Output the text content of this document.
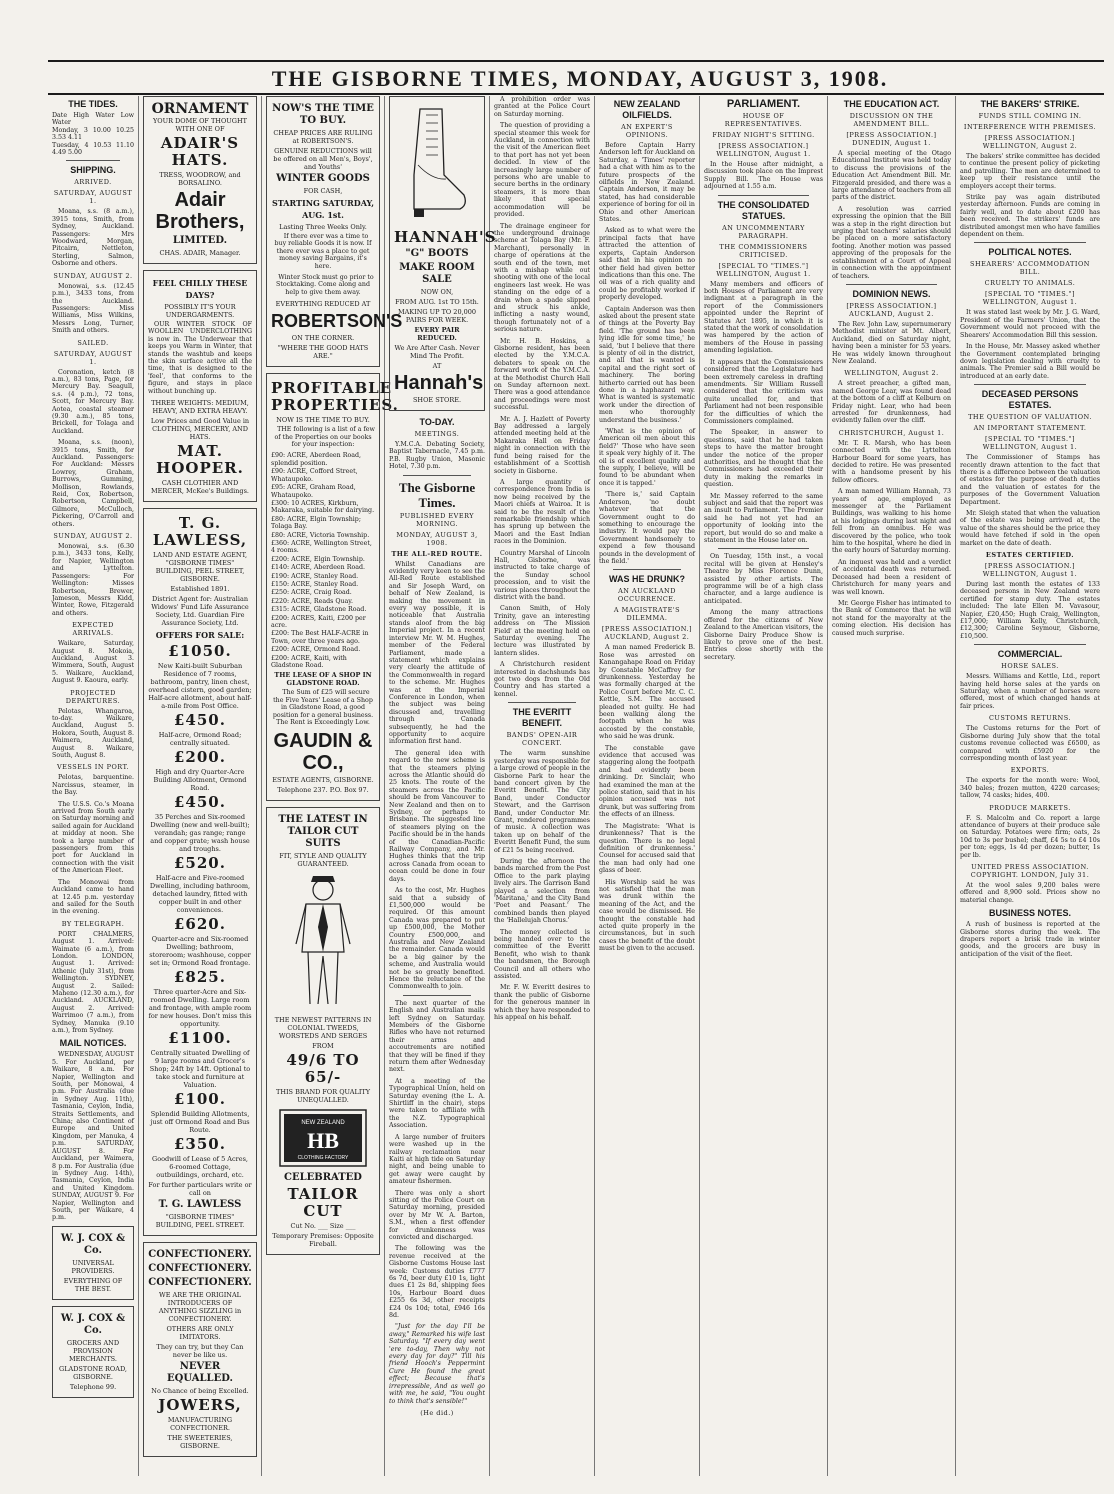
THE GISBORNE TIMES, MONDAY, AUGUST 3, 1908.
THE TIDES.
Date High Water Low Water
Monday, 3 10.00 10.25 3.53 4.11
Tuesday, 4 10.53 11.10 4.49 5.00
SHIPPING.
ARRIVED.
SATURDAY, AUGUST 1.

Moana, s.s. (8 a.m.), 3915 tons, Smith, from Sydney, Auckland. Passengers: Mrs Woodward, Morgan, Pitcairn, Nettleton, Sterling, Salmon, Osborne and others.

SUNDAY, AUGUST 2.

Monowai, s.s. (12.45 p.m.), 3433 tons, from the Auckland. Passengers: Miss Williams, Miss Wilkins, Messrs Long, Turner, Smith and others.

SAILED.
SATURDAY, AUGUST 1.

Coronation, ketch (8 a.m.), 83 tons, Page, for Mercury Bay. Seagull, s.s. (4 p.m.), 72 tons, Scott, for Mercury Bay. Aotea, coastal steamer (9.30 a.m.), 85 tons, Brickell, for Tolaga and Auckland.

Moana, s.s. (noon), 3915 tons, Smith, for Auckland. Passengers: For Auckland: Messrs Lowrey, Graham, Burrows, Gumming, Mollison, Rowlands, Reid, Cox, Robertson, Robertson, Campbell, Gilmore, McCulloch, Pickering, O'Carroll and others.

SUNDAY, AUGUST 2.

Monowai, s.s. (6.30 p.m.), 3433 tons, Kelly, for Napier, Wellington and Lyttelton. Passengers: For Wellington: Misses Robertson, Brewer, Jameson, Messrs Kidd, Winter, Rowe, Fitzgerald and others.

EXPECTED ARRIVALS.

Waikare, Saturday, August 8. Mokoia, Auckland, August 3. Wimmera, South, August 5. Waikare, Auckland, August 9. Kaoura, early.

PROJECTED DEPARTURES.

Pelotas, Whangaroa, to-day. Waikare, Auckland, August 5. Hokora, South, August 8. Waimera, Auckland, August 8. Waikare, South, August 8.

VESSELS IN PORT.

Pelotas, barquentine. Narcissus, steamer, in the Bay.

The U.S.S. Co.'s Moana arrived from South early on Saturday morning and sailed again for Auckland at midday at noon. She took a large number of passengers from this port for Auckland in connection with the visit of the American Fleet.

The Monowai from Auckland came to hand at 12.45 p.m. yesterday and sailed for the South in the evening.

BY TELEGRAPH.

PORT CHALMERS, August 1. Arrived: Waimate (6 a.m.), from London. LONDON, August 1. Arrived: Athenic (July 31st), from Wellington. SYDNEY, August 2. Sailed: Maheno (12.30 a.m.), for Auckland. AUCKLAND, August 2. Arrived: Warrimoo (7 a.m.), from Sydney, Manuka (9.10 a.m.), from Sydney.

MAIL NOTICES.

WEDNESDAY, AUGUST 5. For Auckland, per Waikare, 8 a.m. For Napier, Wellington and South, per Monowai, 4 p.m. For Australia (due in Sydney Aug. 11th), Tasmania, Ceylon, India, Straits Settlements, and China; also Continent of Europe and United Kingdom, per Manuka, 4 p.m. SATURDAY, AUGUST 8. For Auckland, per Waimera, 8 p.m. For Australia (due in Sydney Aug. 14th), Tasmania, Ceylon, India and United Kingdom. SUNDAY, AUGUST 9. For Napier, Wellington and South, per Waikare, 4 p.m.

W. J. COX & Co.
UNIVERSAL PROVIDERS.
EVERYTHING OF THE BEST.
W. J. COX & Co.
GROCERS AND PROVISION MERCHANTS.
GLADSTONE ROAD, GISBORNE.
Telephone 99.
ORNAMENT
YOUR DOME OF THOUGHT WITH ONE OF
ADAIR'S HATS.
TRESS, WOODROW, and BORSALINO.
Adair Brothers,
LIMITED.
CHAS. ADAIR, Manager.
FEEL CHILLY THESE DAYS?
POSSIBLY IT'S YOUR UNDERGARMENTS.

OUR WINTER STOCK OF WOOLLEN UNDERCLOTHING is now in. The Underwear that keeps you Warm in Winter, that stands the washtub and keeps the skin surface active all the time, that is designed to the 'feel', that conforms to the figure, and stays in place without bunching up.

THREE WEIGHTS: MEDIUM, HEAVY, AND EXTRA HEAVY.
Low Prices and Good Value in CLOTHING, MERCERY, AND HATS.
MAT. HOOPER.
CASH CLOTHIER AND MERCER, McKee's Buildings.
T. G. LAWLESS,
LAND AND ESTATE AGENT, "GISBORNE TIMES" BUILDING, PEEL STREET, GISBORNE.
Established 1891.
District Agent for: Australian Widows' Fund Life Assurance Society, Ltd. Guardian Fire Assurance Society, Ltd.
OFFERS FOR SALE:
£1050.
New Kaiti-built Suburban Residence of 7 rooms, bathroom, pantry, linen chest, overhead cistern, good garden; Half-acre allotment, about half-a-mile from Post Office.
£450.
Half-acre, Ormond Road; centrally situated.
£200.
High and dry Quarter-Acre Building Allotment, Ormond Road.
£450.
35 Perches and Six-roomed Dwelling (new and well-built); verandah; gas range; range and copper grate; wash house and troughs.
£520.
Half-acre and Five-roomed Dwelling, including bathroom, detached laundry, fitted with copper built in and other conveniences.
£620.
Quarter-acre and Six-roomed Dwelling; bathroom, storeroom; washhouse, copper set in; Ormond Road frontage.
£825.
Three quarter-Acre and Six-roomed Dwelling. Large room and frontage, with ample room for new houses. Don't miss this opportunity.
£1100.
Centrally situated Dwelling of 9 large rooms and Grocer's Shop; 24ft by 14ft. Optional to take stock and furniture at Valuation.
£100.
Splendid Building Allotments, just off Ormond Road and Bus Route.
£350.
Goodwill of Lease of 5 Acres, 6-roomed Cottage, outbuildings, orchard, etc.
For further particulars write or call on
T. G. LAWLESS
"GISBORNE TIMES" BUILDING, PEEL STREET.
CONFECTIONERY.
CONFECTIONERY.
CONFECTIONERY.
WE ARE THE ORIGINAL INTRODUCERS OF ANYTHING SIZZLING in CONFECTIONERY.
OTHERS ARE ONLY IMITATORS.
They can try, but they Can never be like us.
NEVER EQUALLED.
No Chance of being Excelled.
JOWERS,
MANUFACTURING CONFECTIONER.
THE SWEETERIES, GISBORNE.
NOW'S THE TIME TO BUY.
CHEAP PRICES ARE RULING at ROBERTSON'S.
GENUINE REDUCTIONS will be offered on all Men's, Boys', and Youths'
WINTER GOODS
FOR CASH,
STARTING SATURDAY, AUG. 1st.
Lasting Three Weeks Only.

If there ever was a time to buy reliable Goods it is now. If there ever was a place to get money saving Bargains, it's here.

Winter Stock must go prior to Stocktaking. Come along and help to give them away.

EVERYTHING REDUCED AT
ROBERTSON'S
ON THE CORNER.
"WHERE THE GOOD HATS ARE."
PROFITABLE PROPERTIES.
NOW IS THE TIME TO BUY.

THE following is a list of a few of the Properties on our books for your inspection:

£90: ACRE, Aberdeen Road, splendid position.
£90: ACRE, Cofford Street, Whataupoko.
£95: ACRE, Graham Road, Whataupoko.
£300: 10 ACRES, Kirkburn, Makaraka, suitable for dairying.
£80: ACRE, Elgin Township; Tolaga Bay.
£80: ACRE, Victoria Township.
£360: ACRE, Wellington Street, 4 rooms.
£200: ACRE, Elgin Township.
£140: ACRE, Aberdeen Road.
£190: ACRE, Stanley Road.
£150: ACRE, Stanley Road.
£250: ACRE, Craig Road.
£220: ACRE, Reads Quay.
£315: ACRE, Gladstone Road.
£200: ACRES, Kaiti, £200 per acre.
£200: The Best HALF-ACRE in Town, over three years ago.
£200: ACRE, Ormond Road.
£200: ACRE, Kaiti, with Gladstone Road.
THE LEASE OF A SHOP IN GLADSTONE ROAD.

The Sum of £25 will secure the Five Years' Lease of a Shop in Gladstone Road, a good position for a general business. The Rent is Exceedingly Low.

GAUDIN & CO.,
ESTATE AGENTS, GISBORNE.
Telephone 237. P.O. Box 97.
THE LATEST IN TAILOR CUT SUITS
FIT, STYLE AND QUALITY GUARANTEED.
THE NEWEST PATTERNS IN COLONIAL TWEEDS, WORSTEDS AND SERGES
FROM
49/6 TO 65/-
THIS BRAND FOR QUALITY UNEQUALLED.
NEW ZEALAND
HB
CLOTHING FACTORY
CELEBRATED
TAILOR CUT
Cut No. ___ Size ___
Temporary Premises: Opposite Fireball.
HANNAH'S
"G" BOOTS
MAKE ROOM SALE
NOW ON,
FROM AUG. 1st TO 15th.
MAKING UP TO 20,000 PAIRS FOR WEEK.
EVERY PAIR REDUCED.
We Are After Cash. Never Mind The Profit.
AT
Hannah's
SHOE STORE.
TO-DAY.
MEETINGS.

Y.M.C.A. Debating Society, Baptist Tabernacle, 7.45 p.m. P.B. Rugby Union, Masonic Hotel, 7.30 p.m.

The Gisborne Times.
PUBLISHED EVERY MORNING.
MONDAY, AUGUST 3, 1908.
THE ALL-RED ROUTE.

Whilst Canadians are evidently very keen to see the All-Red Route established and Sir Joseph Ward, on behalf of New Zealand, is making the movement in every way possible, it is noticeable that Australia stands aloof from the big Imperial project. In a recent interview Mr. W. M. Hughes, member of the Federal Parliament, made a statement which explains very clearly the attitude of the Commonwealth in regard to the scheme. Mr. Hughes was at the Imperial Conference in London, when the subject was being discussed and, travelling through Canada subsequently, he had the opportunity to acquire information first hand.

The general idea with regard to the new scheme is that the steamers plying across the Atlantic should do 25 knots. The route of the steamers across the Pacific should be from Vancouver to New Zealand and then on to Sydney, or perhaps to Brisbane. The suggested line of steamers plying on the Pacific should be in the hands of the Canadian-Pacific Railway Company, and Mr. Hughes thinks that the trip across Canada from ocean to ocean could be done in four days.

As to the cost, Mr. Hughes said that a subsidy of £1,500,000 would be required. Of this amount Canada was prepared to put up £500,000, the Mother Country £500,000, and Australia and New Zealand the remainder. Canada would be a big gainer by the scheme, and Australia would not be so greatly benefited. Hence the reluctance of the Commonwealth to join.

The next quarter of the English and Australian mails left Sydney on Saturday. Members of the Gisborne Rifles who have not returned their arms and accoutrements are notified that they will be fined if they return them after Wednesday next.

At a meeting of the Typographical Union, held on Saturday evening (the L. A. Shirtliff in the chair), steps were taken to affiliate with the N.Z. Typographical Association.

A large number of fruiters were washed up in the railway reclamation near Kaiti at high tide on Saturday night, and being unable to get away were caught by amateur fishermen.

There was only a short sitting of the Police Court on Saturday morning, presided over by Mr W. A. Barton, S.M., when a first offender for drunkenness was convicted and discharged.

The following was the revenue received at the Gisborne Customs House last week: Customs duties £777 6s 7d, beer duty £10 1s, light dues £1 2s 8d, shipping fees 10s, Harbour Board dues £255 6s 3d, other receipts £24 0s 10d; total, £946 16s 8d.

"Just for the day I'll be away," Remarked his wife last Saturday. "If every day went 'ere to-day, Then why not every day for day?" Till his friend Hooch's Peppermint Cure He found the great effect; Because that's irrepressible, And as well go with me, he said, "You ought to think that's sensible!"

(He did.)

A prohibition order was granted at the Police Court on Saturday morning.

The question of providing a special steamer this week for Auckland, in connection with the visit of the American fleet to that port has not yet been decided. In view of the increasingly large number of persons who are unable to secure berths in the ordinary steamers, it is more than likely that special accommodation will be provided.

The drainage engineer for the underground drainage scheme at Tolaga Bay (Mr. F. Marchant), personally in charge of operations at the south end of the town, met with a mishap while out shooting with one of the local engineers last week. He was standing on the edge of a drain when a spade slipped and struck his ankle, inflicting a nasty wound, though fortunately not of a serious nature.

Mr. H. B. Hoskins, a Gisborne resident, has been elected by the Y.M.C.A. debaters to speak on the forward work of the Y.M.C.A. at the Methodist Church Hall on Sunday afternoon next. There was a good attendance and proceedings were most successful.

Mr. A. J. Hazlett of Poverty Bay addressed a largely attended meeting held at the Makaraka Hall on Friday night in connection with the fund being raised for the establishment of a Scottish society in Gisborne.

A large quantity of correspondence from India is now being received by the Maori chiefs at Wairoa. It is said to be the result of the remarkable friendship which has sprung up between the Maori and the East Indian races in the Dominion.

Country Marshal of Lincoln Hall, Gisborne, was instructed to take charge of the Sunday school procession, and to visit the various places throughout the district with the band.

Canon Smith, of Holy Trinity, gave an interesting address on 'The Mission Field' at the meeting held on Saturday evening. The lecture was illustrated by lantern slides.

A Christchurch resident interested in dachshunds has got two dogs from the Old Country and has started a kennel.

THE EVERITT BENEFIT.
BANDS' OPEN-AIR CONCERT.

The warm sunshine yesterday was responsible for a large crowd of people in the Gisborne Park to hear the band concert given by the Everitt Benefit. The City Band, under Conductor Stewart, and the Garrison Band, under Conductor Mr. Grant, rendered programmes of music. A collection was taken up on behalf of the Everitt Benefit Fund, the sum of £21 5s being received.

During the afternoon the bands marched from the Post Office to the park playing lively airs. The Garrison Band played a selection from 'Maritana,' and the City Band 'Poet and Peasant.' The combined bands then played the 'Hallelujah Chorus.'

The money collected is being handed over to the committee of the Everitt Benefit, who wish to thank the bandsmen, the Borough Council and all others who assisted.

Mr. F. W. Everitt desires to thank the public of Gisborne for the generous manner in which they have responded to his appeal on his behalf.

NEW ZEALAND OILFIELDS.
AN EXPERT'S OPINIONS.

Before Captain Harry Anderson left for Auckland on Saturday, a 'Times' reporter had a chat with him as to the future prospects of the oilfields in New Zealand. Captain Anderson, it may be stated, has had considerable experience of boring for oil in Ohio and other American States.

Asked as to what were the principal facts that have attracted the attention of experts, Captain Anderson said that in his opinion no other field had given better indications than this one. The oil was of a rich quality and could be profitably worked if properly developed.

Captain Anderson was then asked about the present state of things at the Poverty Bay field. 'The ground has been lying idle for some time,' he said, 'but I believe that there is plenty of oil in the district, and all that is wanted is capital and the right sort of machinery. The boring hitherto carried out has been done in a haphazard way. What is wanted is systematic work under the direction of men who thoroughly understand the business.'

'What is the opinion of American oil men about this field?' 'Those who have seen it speak very highly of it. The oil is of excellent quality and the supply, I believe, will be found to be abundant when once it is tapped.'

'There is,' said Captain Anderson, 'no doubt whatever that the Government ought to do something to encourage the industry. It would pay the Government handsomely to expend a few thousand pounds in the development of the field.'

WAS HE DRUNK?
AN AUCKLAND OCCURRENCE.
A MAGISTRATE'S DILEMMA.
[PRESS ASSOCIATION.] AUCKLAND, August 2.

A man named Frederick B. Rose was arrested on Kanangahape Road on Friday by Constable McCaffrey for drunkenness. Yesterday he was formally charged at the Police Court before Mr. C. C. Kettle, S.M. The accused pleaded not guilty. He had been walking along the footpath when he was accosted by the constable, who said he was drunk.

The constable gave evidence that accused was staggering along the footpath and had evidently been drinking. Dr. Sinclair, who had examined the man at the police station, said that in his opinion accused was not drunk, but was suffering from the effects of an illness.

The Magistrate: 'What is drunkenness? That is the question. There is no legal definition of drunkenness.' Counsel for accused said that the man had only had one glass of beer.

His Worship said he was not satisfied that the man was drunk within the meaning of the Act, and the case would be dismissed. He thought the constable had acted quite properly in the circumstances, but in such cases the benefit of the doubt must be given to the accused.

PARLIAMENT.
HOUSE OF REPRESENTATIVES.
FRIDAY NIGHT'S SITTING.
[PRESS ASSOCIATION.] WELLINGTON, August 1.

In the House after midnight, a discussion took place on the Imprest Supply Bill. The House was adjourned at 1.55 a.m.

THE CONSOLIDATED STATUES.
AN UNCOMMENTARY PARAGRAPH.
THE COMMISSIONERS CRITICISED.
[SPECIAL TO "TIMES."] WELLINGTON, August 1.

Many members and officers of both Houses of Parliament are very indignant at a paragraph in the report of the Commissioners appointed under the Reprint of Statutes Act 1895, in which it is stated that the work of consolidation was hampered by the action of members of the House in passing amending legislation.

It appears that the Commissioners considered that the Legislature had been extremely careless in drafting amendments. Sir William Russell considered that the criticism was quite uncalled for, and that Parliament had not been responsible for the difficulties of which the Commissioners complained.

The Speaker, in answer to questions, said that he had taken steps to have the matter brought under the notice of the proper authorities, and he thought that the Commissioners had exceeded their duty in making the remarks in question.

Mr. Massey referred to the same subject and said that the report was an insult to Parliament. The Premier said he had not yet had an opportunity of looking into the report, but would do so and make a statement in the House later on.

On Tuesday, 15th inst., a vocal recital will be given at Hensley's Theatre by Miss Florence Dunn, assisted by other artists. The programme will be of a high class character, and a large audience is anticipated.

Among the many attractions offered for the citizens of New Zealand to the American visitors, the Gisborne Dairy Produce Show is likely to prove one of the best. Entries close shortly with the secretary.

THE EDUCATION ACT.
DISCUSSION ON THE AMENDMENT BILL.
[PRESS ASSOCIATION.] DUNEDIN, August 1.

A special meeting of the Otago Educational Institute was held today to discuss the provisions of the Education Act Amendment Bill. Mr. Fitzgerald presided, and there was a large attendance of teachers from all parts of the district.

A resolution was carried expressing the opinion that the Bill was a step in the right direction but urging that teachers' salaries should be placed on a more satisfactory footing. Another motion was passed approving of the proposals for the establishment of a Court of Appeal in connection with the appointment of teachers.

DOMINION NEWS.
[PRESS ASSOCIATION.] AUCKLAND, August 2.

The Rev. John Law, supernumerary Methodist minister at Mt. Albert, Auckland, died on Saturday night, having been a minister for 53 years. He was widely known throughout New Zealand.

WELLINGTON, August 2.

A street preacher, a gifted man, named George Lear, was found dead at the bottom of a cliff at Kelburn on Friday night. Lear, who had been arrested for drunkenness, had evidently fallen over the cliff.

CHRISTCHURCH, August 1.

Mr. T. R. Marsh, who has been connected with the Lyttelton Harbour Board for some years, has decided to retire. He was presented with a handsome present by his fellow officers.

A man named William Hannah, 73 years of age, employed as messenger at the Parliament Buildings, was walking to his home at his lodgings during last night and fell from an omnibus. He was discovered by the police, who took him to the hospital, where he died in the early hours of Saturday morning.

An inquest was held and a verdict of accidental death was returned. Deceased had been a resident of Christchurch for many years and was well known.

Mr. George Fisher has intimated to the Bank of Commerce that he will not stand for the mayoralty at the coming election. His decision has caused much surprise.

THE BAKERS' STRIKE.
FUNDS STILL COMING IN.
INTERFERENCE WITH PREMISES.
[PRESS ASSOCIATION.] WELLINGTON, August 2.

The bakers' strike committee has decided to continue the present policy of picketing and patrolling. The men are determined to keep up their resistance until the employers accept their terms.

Strike pay was again distributed yesterday afternoon. Funds are coming in fairly well, and to date about £200 has been received. The strikers' funds are distributed amongst men who have families dependent on them.

POLITICAL NOTES.
SHEARERS' ACCOMMODATION BILL.
CRUELTY TO ANIMALS.
[SPECIAL TO "TIMES."] WELLINGTON, August 1.

It was stated last week by Mr. J. G. Ward, President of the Farmers' Union, that the Government would not proceed with the Shearers' Accommodation Bill this session.

In the House, Mr. Massey asked whether the Government contemplated bringing down legislation dealing with cruelty to animals. The Premier said a Bill would be introduced at an early date.

DECEASED PERSONS ESTATES.
THE QUESTION OF VALUATION.
AN IMPORTANT STATEMENT.
[SPECIAL TO "TIMES."] WELLINGTON, August 1.

The Commissioner of Stamps has recently drawn attention to the fact that there is a difference between the valuation of estates for the purpose of death duties and the valuation of estates for the purposes of the Government Valuation Department.

Mr. Sleigh stated that when the valuation of the estate was being arrived at, the value of the shares should be the price they would have fetched if sold in the open market on the date of death.

ESTATES CERTIFIED.
[PRESS ASSOCIATION.] WELLINGTON, August 1.

During last month the estates of 133 deceased persons in New Zealand were certified for stamp duty. The estates included: The late Ellen M. Vavasour, Napier, £20,450; Hugh Craig, Wellington, £17,000; William Kelly, Christchurch, £12,300; Caroline Seymour, Gisborne, £10,500.

COMMERCIAL.
HORSE SALES.

Messrs. Williams and Kettle, Ltd., report having held horse sales at the yards on Saturday, when a number of horses were offered, most of which changed hands at fair prices.

CUSTOMS RETURNS.

The Customs returns for the Port of Gisborne during July show that the total customs revenue collected was £6500, as compared with £5920 for the corresponding month of last year.

EXPORTS.

The exports for the month were: Wool, 340 bales; frozen mutton, 4220 carcases; tallow, 74 casks; hides, 400.

PRODUCE MARKETS.

F. S. Malcolm and Co. report a large attendance of buyers at their produce sale on Saturday. Potatoes were firm; oats, 2s 10d to 3s per bushel; chaff, £4 5s to £4 10s per ton; eggs, 1s 4d per dozen; butter, 1s per lb.

UNITED PRESS ASSOCIATION. COPYRIGHT. LONDON, July 31.

At the wool sales 9,200 bales were offered and 8,900 sold. Prices show no material change.

BUSINESS NOTES.

A rush of business is reported at the Gisborne stores during the week. The drapers report a brisk trade in winter goods, and the grocers are busy in anticipation of the visit of the fleet.
